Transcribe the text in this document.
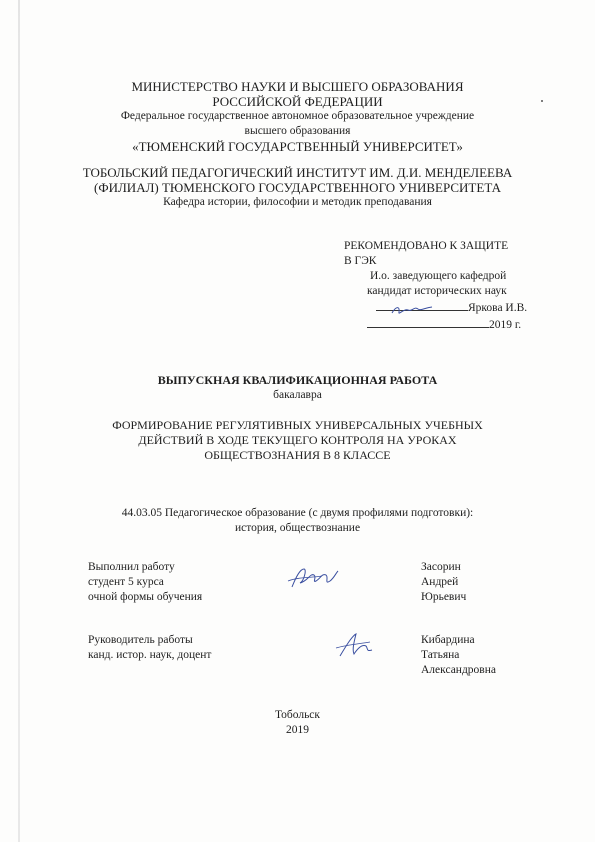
МИНИСТЕРСТВО НАУКИ И ВЫСШЕГО ОБРАЗОВАНИЯ
РОССИЙСКОЙ ФЕДЕРАЦИИ
Федеральное государственное автономное образовательное учреждение
высшего образования
«ТЮМЕНСКИЙ ГОСУДАРСТВЕННЫЙ УНИВЕРСИТЕТ»
ТОБОЛЬСКИЙ ПЕДАГОГИЧЕСКИЙ ИНСТИТУТ ИМ. Д.И. МЕНДЕЛЕЕВА
(ФИЛИАЛ) ТЮМЕНСКОГО ГОСУДАРСТВЕННОГО УНИВЕРСИТЕТА
Кафедра истории, философии и методик преподавания
РЕКОМЕНДОВАНО К ЗАЩИТЕ
В ГЭК
И.о. заведующего кафедрой
кандидат исторических наук
Яркова И.В.
2019 г.
ВЫПУСКНАЯ КВАЛИФИКАЦИОННАЯ РАБОТА
бакалавра
ФОРМИРОВАНИЕ РЕГУЛЯТИВНЫХ УНИВЕРСАЛЬНЫХ УЧЕБНЫХ
ДЕЙСТВИЙ В ХОДЕ ТЕКУЩЕГО КОНТРОЛЯ НА УРОКАХ
ОБЩЕСТВОЗНАНИЯ В 8 КЛАССЕ
44.03.05 Педагогическое образование (с двумя профилями подготовки):
история, обществознание
Выполнил работу
студент 5 курса
очной формы обучения
Засорин
Андрей
Юрьевич
Руководитель работы
канд. истор. наук, доцент
Кибардина
Татьяна
Александровна
Тобольск
2019
